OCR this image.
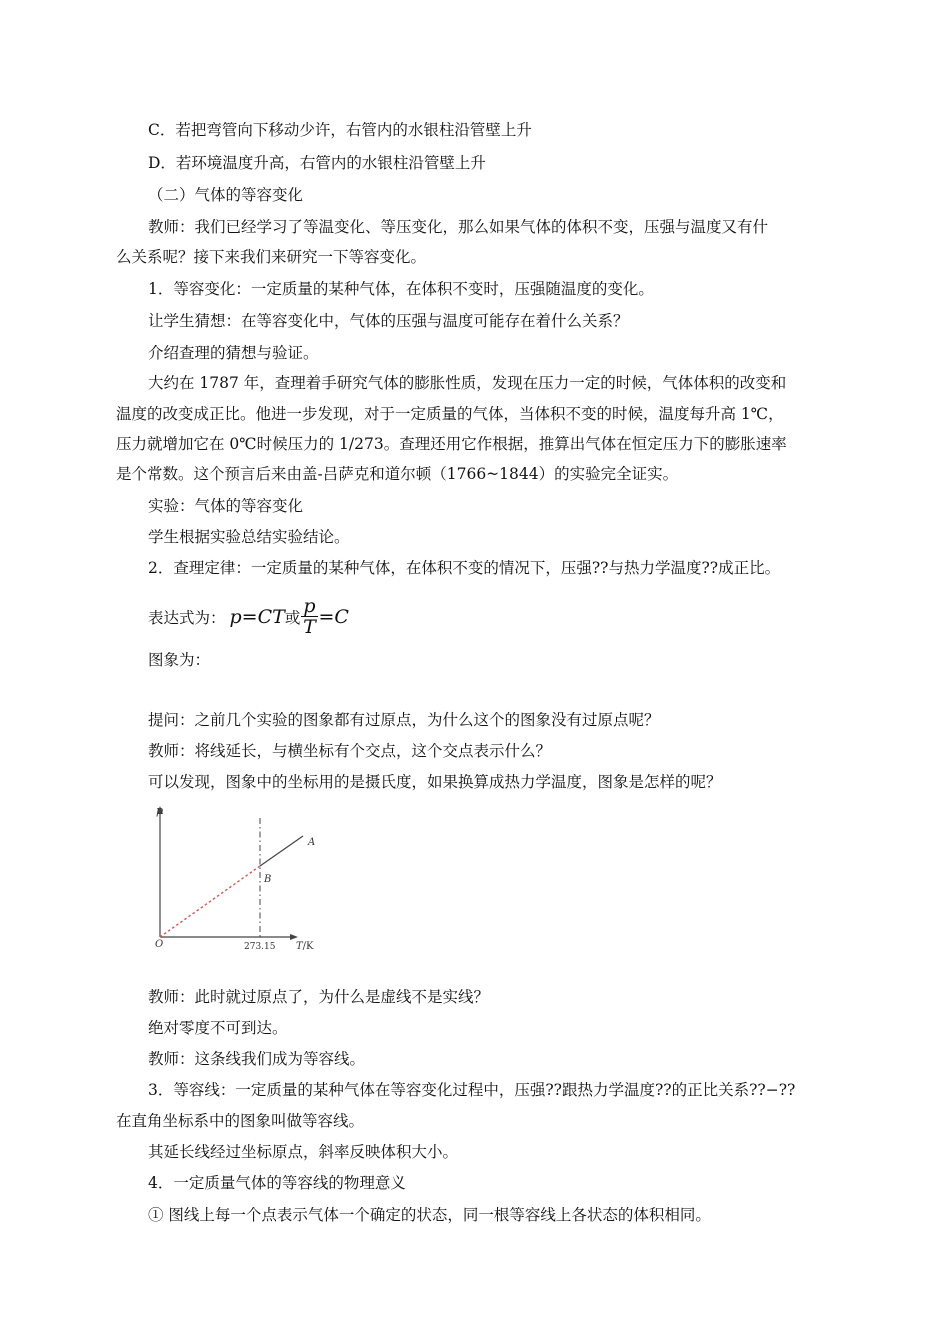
C．若把弯管向下移动少许，右管内的水银柱沿管壁上升
D．若环境温度升高，右管内的水银柱沿管壁上升
（二）气体的等容变化
教师：我们已经学习了等温变化、等压变化，那么如果气体的体积不变，压强与温度又有什
么关系呢？接下来我们来研究一下等容变化。
1．等容变化：一定质量的某种气体，在体积不变时，压强随温度的变化。
让学生猜想：在等容变化中，气体的压强与温度可能存在着什么关系？
介绍查理的猜想与验证。
大约在 1787 年，查理着手研究气体的膨胀性质，发现在压力一定的时候，气体体积的改变和
温度的改变成正比。他进一步发现，对于一定质量的气体，当体积不变的时候，温度每升高 1℃，
压力就增加它在 0℃时候压力的 1/273。查理还用它作根据，推算出气体在恒定压力下的膨胀速率
是个常数。这个预言后来由盖-吕萨克和道尔顿（1766~1844）的实验完全证实。
实验：气体的等容变化
学生根据实验总结实验结论。
2．查理定律：一定质量的某种气体，在体积不变的情况下，压强??与热力学温度??成正比。
表达式为： p=CT 或 $\frac{p}{T} =C$
图象为：
提问：之前几个实验的图象都有过原点，为什么这个的图象没有过原点呢？
教师：将线延长，与横坐标有个交点，这个交点表示什么？
可以发现，图象中的坐标用的是摄氏度，如果换算成热力学温度，图象是怎样的呢？
p
O	T/K
273.15
A
B
教师：此时就过原点了，为什么是虚线不是实线？
绝对零度不可到达。
教师：这条线我们成为等容线。
3．等容线：一定质量的某种气体在等容变化过程中，压强??跟热力学温度??的正比关系??−??
在直角坐标系中的图象叫做等容线。
其延长线经过坐标原点，斜率反映体积大小。
4．一定质量气体的等容线的物理意义
① 图线上每一个点表示气体一个确定的状态，同一根等容线上各状态的体积相同。
